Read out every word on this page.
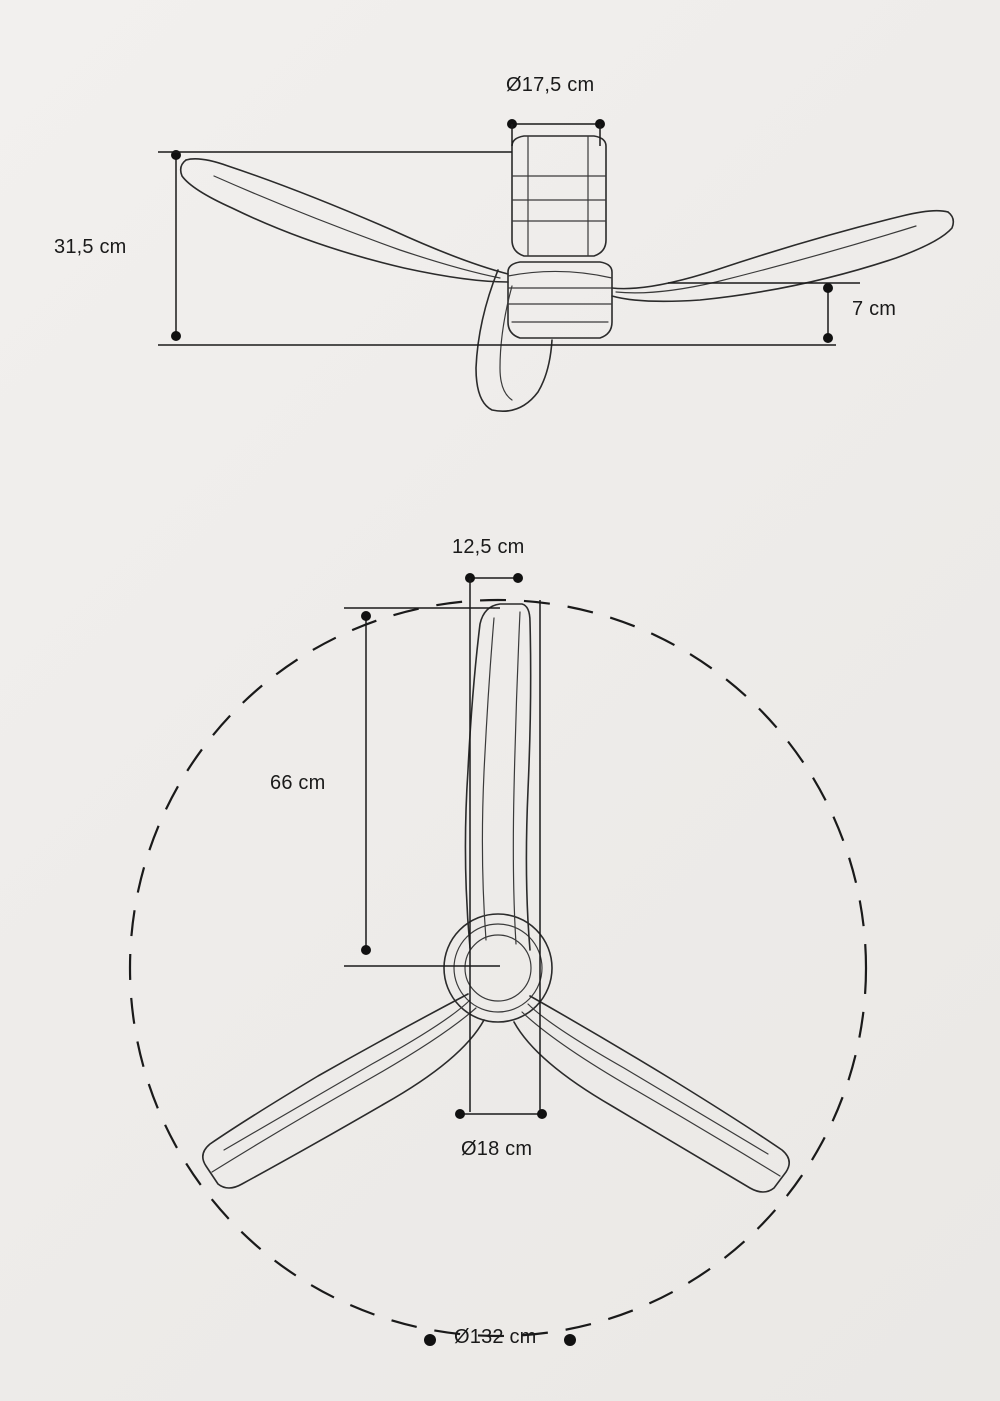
Ø17,5 cm
31,5 cm
7 cm
12,5 cm
66 cm
Ø18 cm
Ø132 cm
